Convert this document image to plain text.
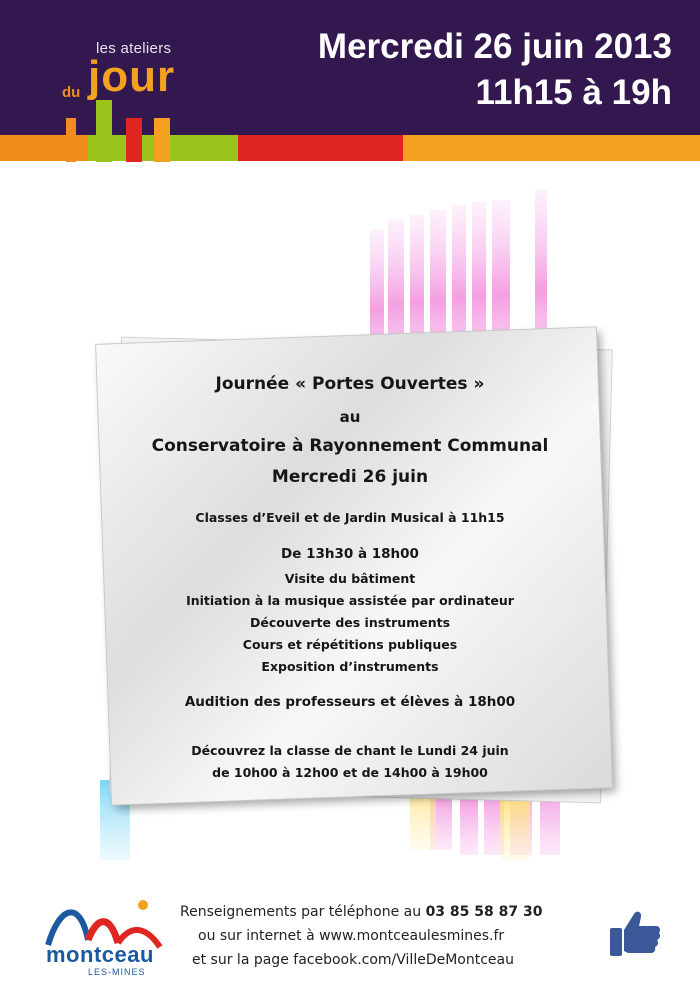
les ateliers
du jour
Mercredi 26 juin 2013
11h15 à 19h
Journée « Portes Ouvertes »
au
Conservatoire à Rayonnement Communal
Mercredi 26 juin
Classes d’Eveil et de Jardin Musical à 11h15
De 13h30 à 18h00
Visite du bâtiment
Initiation à la musique assistée par ordinateur
Découverte des instruments
Cours et répétitions publiques
Exposition d’instruments
Audition des professeurs et élèves à 18h00
Découvrez la classe de chant le Lundi 24 juin
de 10h00 à 12h00 et de 14h00 à 19h00
montceau
LES-MINES
Renseignements par téléphone au 03 85 58 87 30
ou sur internet à www.montceaulesmines.fr
et sur la page facebook.com/VilleDeMontceau
